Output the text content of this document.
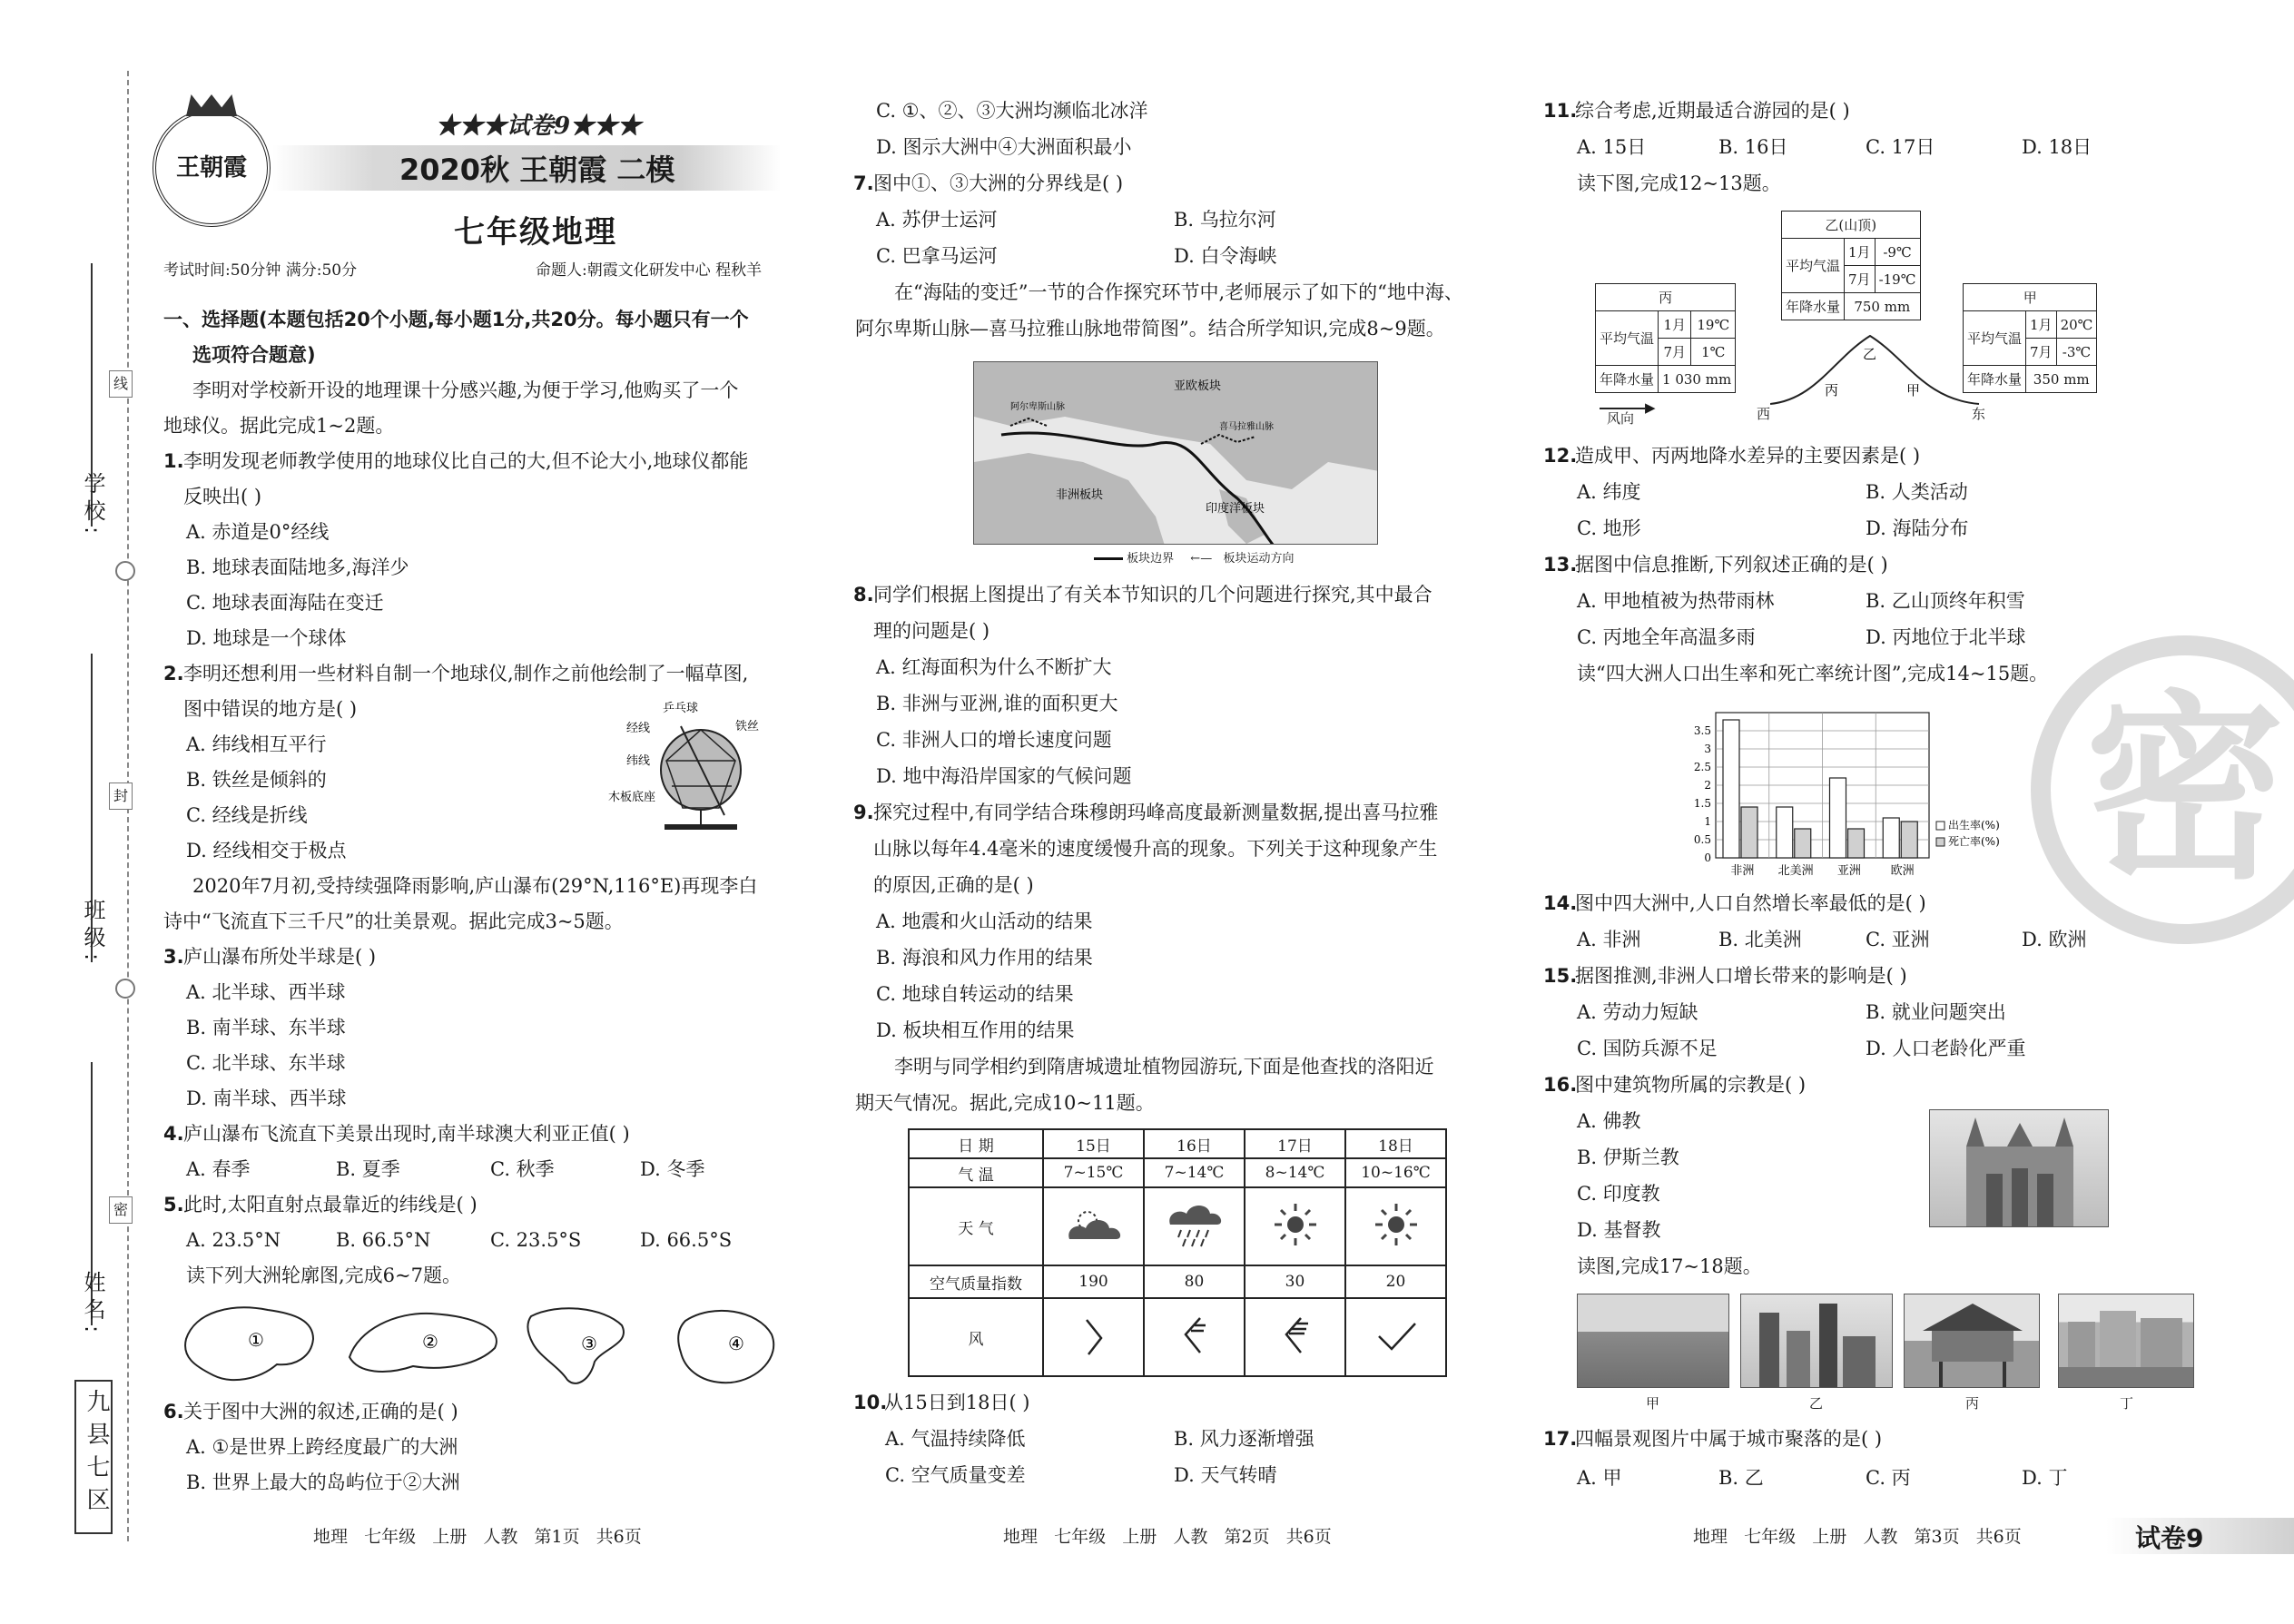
学校:
班级:
姓名:
线
封
密
九县七区
王朝霞
★★★试卷9★★★
2020秋 王朝霞 二模
七年级地理
考试时间:50分钟 满分:50分	命题人:朝霞文化研发中心 程秋羊
一、选择题(本题包括20个小题,每小题1分,共20分。每小题只有一个
选项符合题意)
李明对学校新开设的地理课十分感兴趣,为便于学习,他购买了一个
地球仪。据此完成1~2题。
1. 李明发现老师教学使用的地球仪比自己的大,但不论大小,地球仪都能
反映出( )
A. 赤道是0°经线
B. 地球表面陆地多,海洋少
C. 地球表面海陆在变迁
D. 地球是一个球体
2. 李明还想利用一些材料自制一个地球仪,制作之前他绘制了一幅草图,
图中错误的地方是( )
A. 纬线相互平行
B. 铁丝是倾斜的
C. 经线是折线
D. 经线相交于极点
乒乓球
经线	铁丝
纬线
木板底座
2020年7月初,受持续强降雨影响,庐山瀑布(29°N,116°E)再现李白
诗中“飞流直下三千尺”的壮美景观。据此完成3~5题。
3. 庐山瀑布所处半球是( )
A. 北半球、西半球
B. 南半球、东半球
C. 北半球、东半球
D. 南半球、西半球
4. 庐山瀑布飞流直下美景出现时,南半球澳大利亚正值( )
A. 春季	B. 夏季	C. 秋季	D. 冬季
5. 此时,太阳直射点最靠近的纬线是( )
A. 23.5°N	B. 66.5°N	C. 23.5°S	D. 66.5°S
读下列大洲轮廓图,完成6~7题。
①	②	③	④
6. 关于图中大洲的叙述,正确的是( )
A. ①是世界上跨经度最广的大洲
B. 世界上最大的岛屿位于②大洲
C. ①、②、③大洲均濒临北冰洋
D. 图示大洲中④大洲面积最小
地理   七年级   上册   人教   第1页   共6页
7. 图中①、③大洲的分界线是( )
A. 苏伊士运河	B. 乌拉尔河
C. 巴拿马运河	D. 白令海峡
在“海陆的变迁”一节的合作探究环节中,老师展示了如下的“地中海、
阿尔卑斯山脉—喜马拉雅山脉地带简图”。结合所学知识,完成8~9题。
亚欧板块
非洲板块
印度洋板块
阿尔卑斯山脉
喜马拉雅山脉
板块边界 ←— 板块运动方向
8. 同学们根据上图提出了有关本节知识的几个问题进行探究,其中最合
理的问题是( )
A. 红海面积为什么不断扩大
B. 非洲与亚洲,谁的面积更大
C. 非洲人口的增长速度问题
D. 地中海沿岸国家的气候问题
9. 探究过程中,有同学结合珠穆朗玛峰高度最新测量数据,提出喜马拉雅
山脉以每年4.4毫米的速度缓慢升高的现象。下列关于这种现象产生
的原因,正确的是( )
A. 地震和火山活动的结果
B. 海浪和风力作用的结果
C. 地球自转运动的结果
D. 板块相互作用的结果
李明与同学相约到隋唐城遗址植物园游玩,下面是他查找的洛阳近
期天气情况。据此,完成10~11题。
日 期	15日	16日	17日	18日
气 温	7~15℃	7~14℃	8~14℃	10~16℃
天 气				
空气质量指数	190	80	30	20
风				
10.
从15日到18日( )
A. 气温持续降低	B. 风力逐渐增强
C. 空气质量变差	D. 天气转晴
地理   七年级   上册   人教   第2页   共6页
11.
综合考虑,近期最适合游园的是( )
A. 15日	B. 16日	C. 17日	D. 18日
读下图,完成12~13题。
乙(山顶)		
平均气温	1月	-9℃
	7月	-19℃
年降水量	750 mm	
丙		
平均气温	1月	19℃
	7月	1℃
年降水量	1 030 mm	
甲		
平均气温	1月	20℃
	7月	-3℃
年降水量	350 mm	
乙
丙	甲
▶
风向	西	东
12.
造成甲、丙两地降水差异的主要因素是( )
A. 纬度	B. 人类活动
C. 地形	D. 海陆分布
13.
据图中信息推断,下列叙述正确的是( )
A. 甲地植被为热带雨林	B. 乙山顶终年积雪
C. 丙地全年高温多雨	D. 丙地位于北半球
读“四大洲人口出生率和死亡率统计图”,完成14~15题。
0
0.5
1
1.5
2
2.5
3
3.5
非洲 北美洲 亚洲	欧洲
出生率(%)
死亡率(%)
14.
图中四大洲中,人口自然增长率最低的是( )
A. 非洲	B. 北美洲	C. 亚洲	D. 欧洲
15.
据图推测,非洲人口增长带来的影响是( )
A. 劳动力短缺	B. 就业问题突出
C. 国防兵源不足	D. 人口老龄化严重
16.
图中建筑物所属的宗教是( )
A. 佛教
B. 伊斯兰教
C. 印度教
D. 基督教
读图,完成17~18题。
甲	乙	丙	丁
17.
四幅景观图片中属于城市聚落的是( )
A. 甲	B. 乙	C. 丙	D. 丁
地理   七年级   上册   人教   第3页   共6页	试卷9
密
